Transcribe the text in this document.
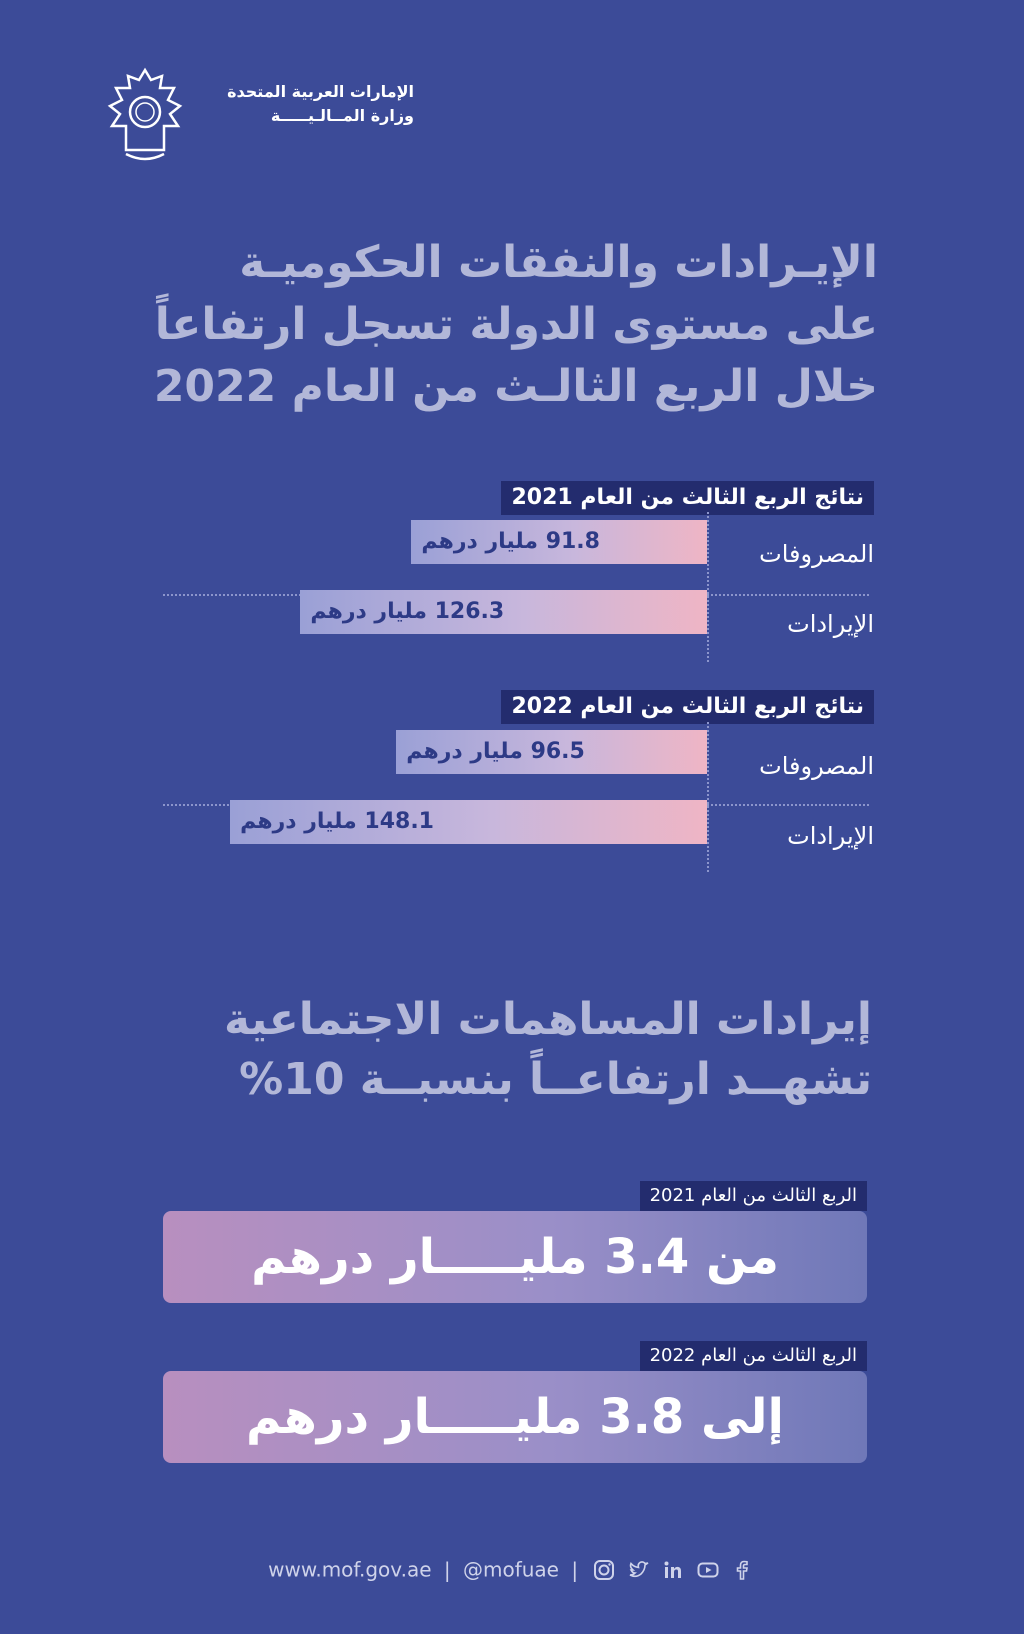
الإمارات العربية المتحدة
وزارة المــالـيـــــة
الإيـرادات والنفقات الحكوميـة
على مستوى الدولة تسجل ارتفاعاً
خلال الربع الثالـث من العام 2022
نتائج الربع الثالث من العام 2021
نتائج الربع الثالث من العام 2022
المصروفات
الإيرادات
المصروفات
الإيرادات
91.8 مليار درهم
126.3 مليار درهم
96.5 مليار درهم
148.1 مليار درهم
إيرادات المساهمات الاجتماعية
تشهــد ارتفاعــاً بنسبــة 10%
الربع الثالث من العام 2021
من 3.4 مليـــــار درهم
الربع الثالث من العام 2022
إلى 3.8 مليـــــار درهم
www.mof.gov.ae | @mofuae |
